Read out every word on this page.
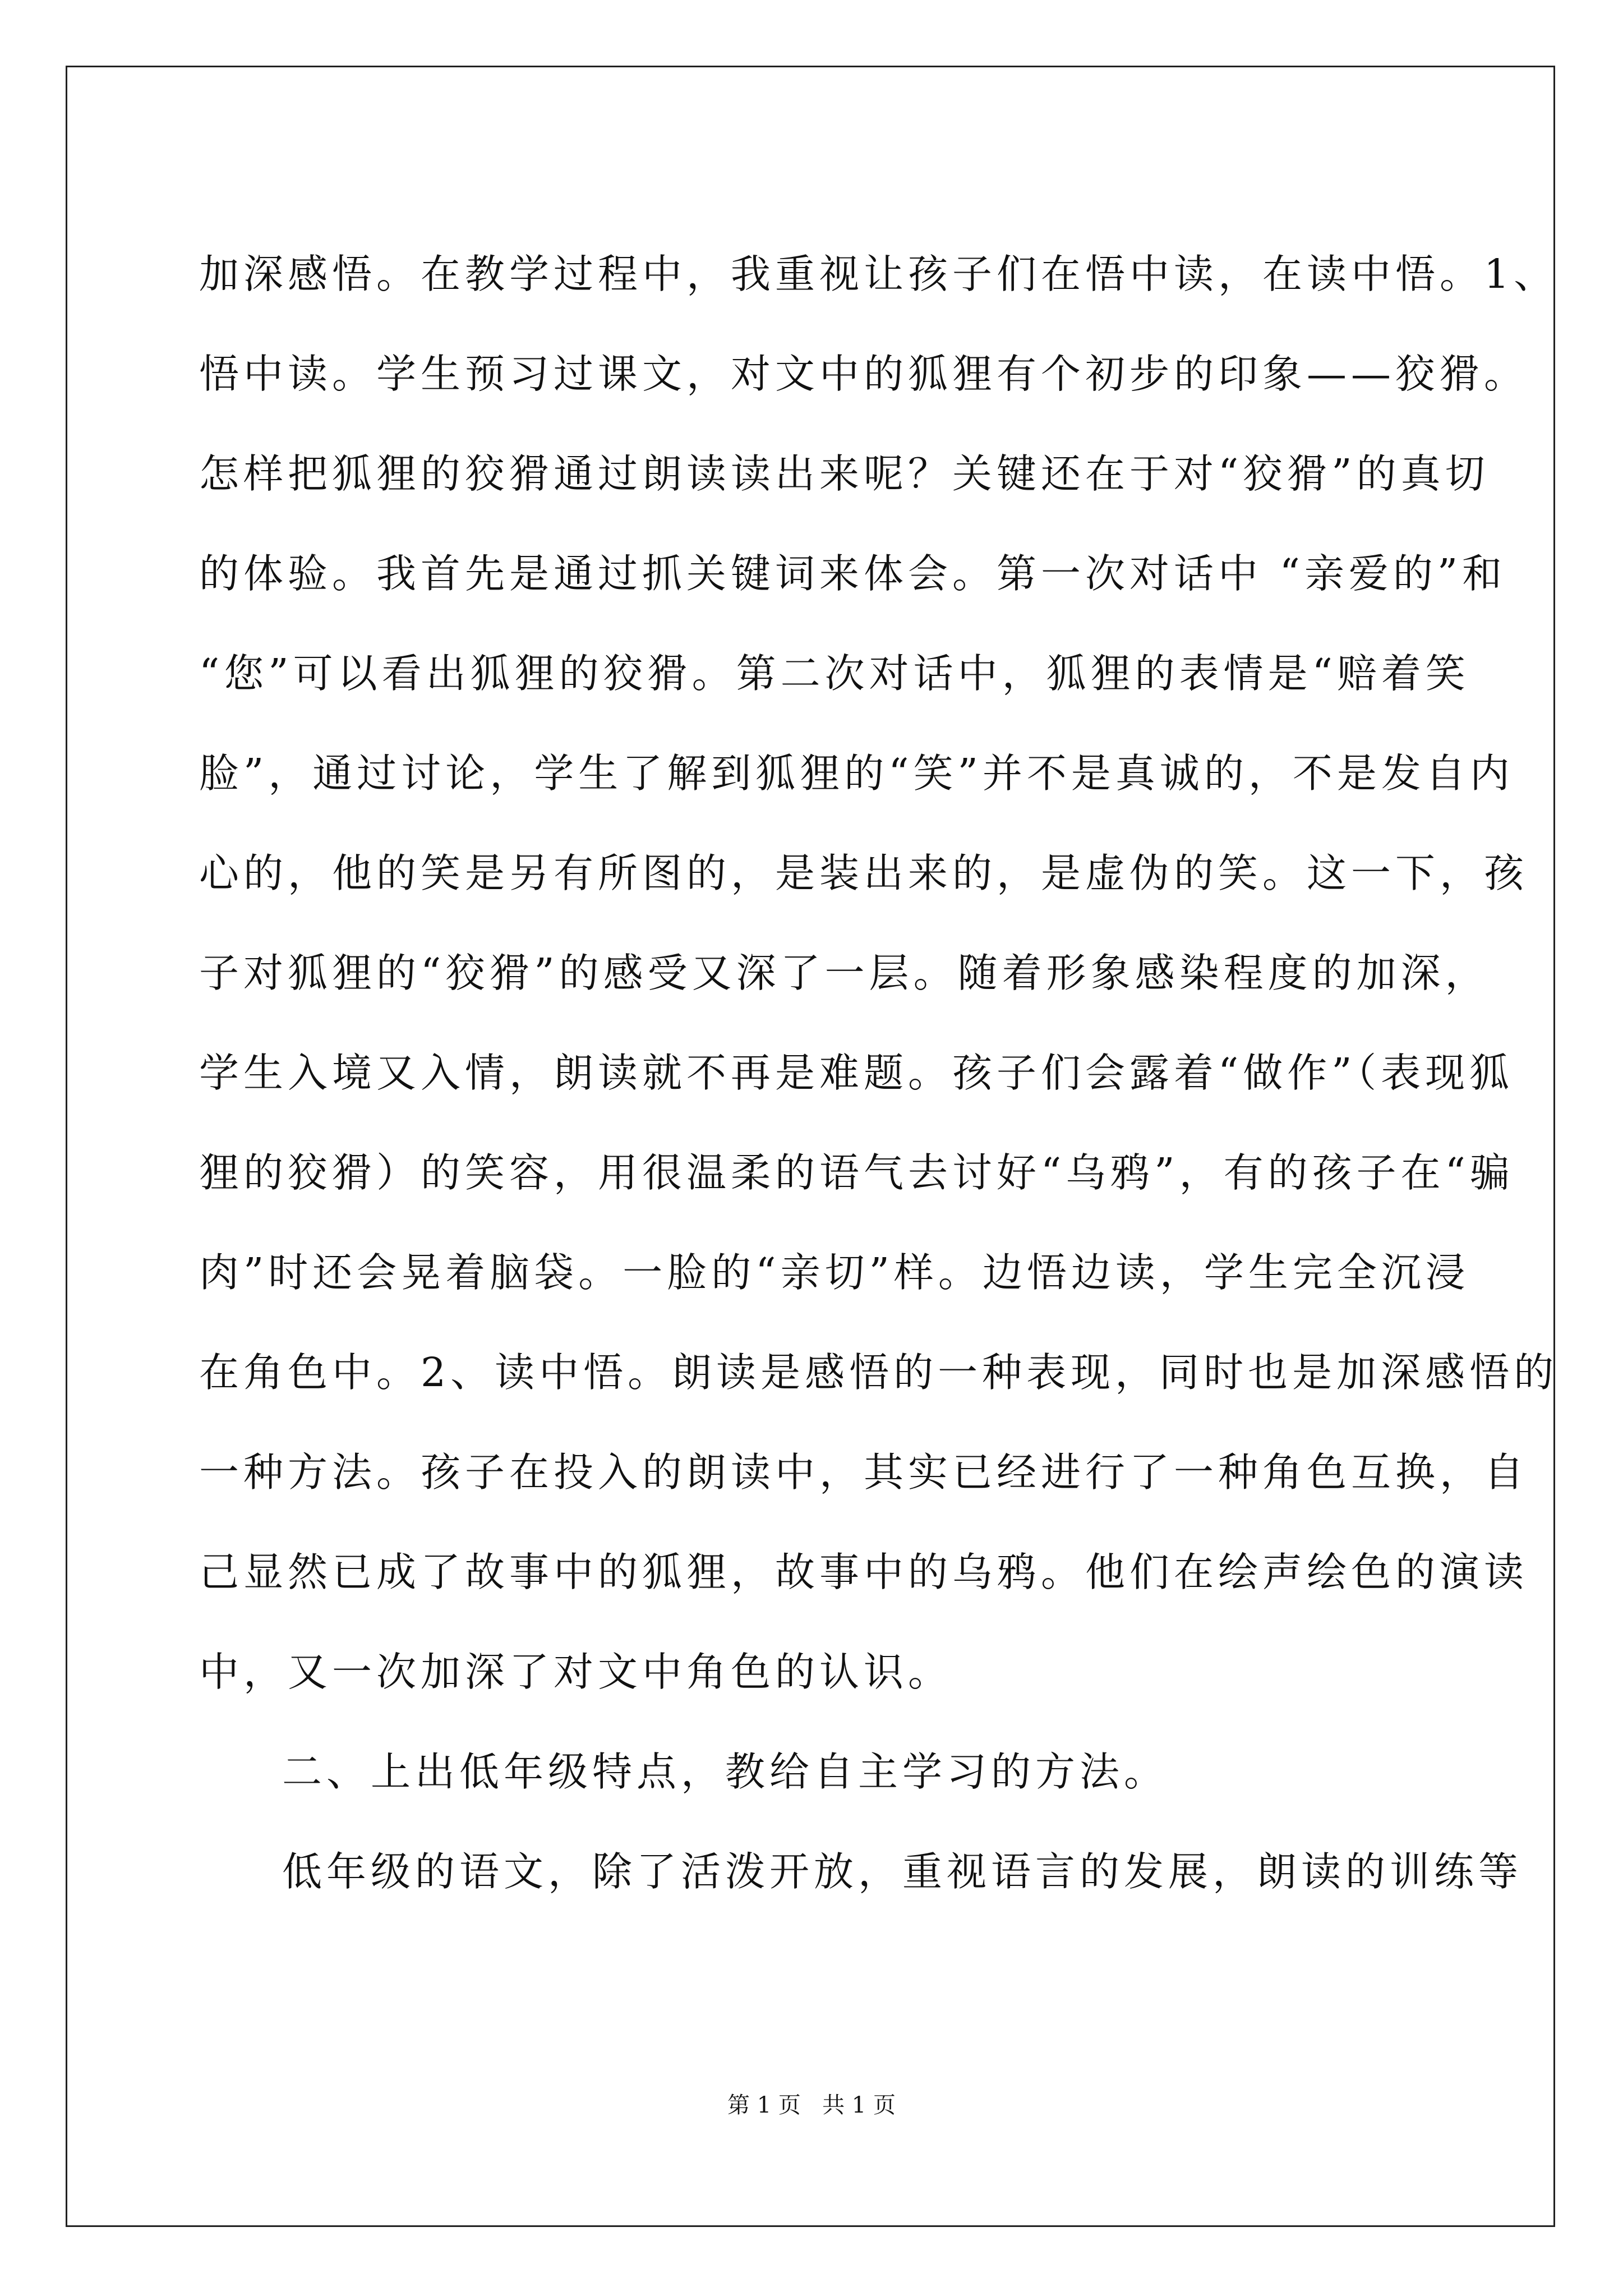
加深感悟。在教学过程中，我重视让孩子们在悟中读，在读中悟。1、
悟中读。学生预习过课文，对文中的狐狸有个初步的印象——狡猾。
怎样把狐狸的狡猾通过朗读读出来呢？关键还在于对“狡猾”的真切
的体验。我首先是通过抓关键词来体会。第一次对话中 “亲爱的”和
“您”可以看出狐狸的狡猾。第二次对话中，狐狸的表情是“赔着笑
脸”，通过讨论，学生了解到狐狸的“笑”并不是真诚的，不是发自内
心的，他的笑是另有所图的，是装出来的，是虚伪的笑。这一下，孩
子对狐狸的“狡猾”的感受又深了一层。随着形象感染程度的加深，
学生入境又入情，朗读就不再是难题。孩子们会露着“做作”（表现狐
狸的狡猾）的笑容，用很温柔的语气去讨好“乌鸦”，有的孩子在“骗
肉”时还会晃着脑袋。一脸的“亲切”样。边悟边读，学生完全沉浸
在角色中。2、读中悟。朗读是感悟的一种表现，同时也是加深感悟的
一种方法。孩子在投入的朗读中，其实已经进行了一种角色互换，自
己显然已成了故事中的狐狸，故事中的乌鸦。他们在绘声绘色的演读
中，又一次加深了对文中角色的认识。
二、上出低年级特点，教给自主学习的方法。
低年级的语文，除了活泼开放，重视语言的发展，朗读的训练等
第 1 页   共 1 页
